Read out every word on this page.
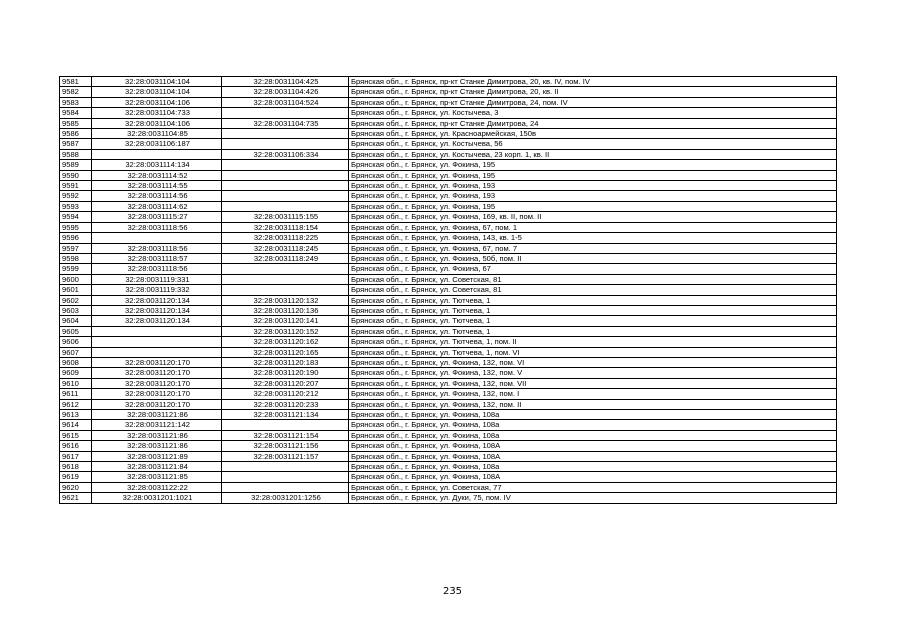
9581	32:28:0031104:104	32:28:0031104:425	Брянская обл., г. Брянск, пр-кт Станке Димитрова, 20, кв. IV, пом. IV
9582	32:28:0031104:104	32:28:0031104:426	Брянская обл., г. Брянск, пр-кт Станке Димитрова, 20, кв. II
9583	32:28:0031104:106	32:28:0031104:524	Брянская обл., г. Брянск, пр-кт Станке Димитрова, 24, пом. IV
9584	32:28:0031104:733		Брянская обл., г. Брянск, ул. Костычева, 3
9585	32:28:0031104:106	32:28:0031104:735	Брянская обл., г. Брянск, пр-кт Станке Димитрова, 24
9586	32:28:0031104:85		Брянская обл., г. Брянск, ул. Красноармейская, 150в
9587	32:28:0031106:187		Брянская обл., г. Брянск, ул. Костычева, 56
9588		32:28:0031106:334	Брянская обл., г. Брянск, ул. Костычева, 23 корп. 1, кв. II
9589	32:28:0031114:134		Брянская обл., г. Брянск, ул. Фокина, 195
9590	32:28:0031114:52		Брянская обл., г. Брянск, ул. Фокина, 195
9591	32:28:0031114:55		Брянская обл., г. Брянск, ул. Фокина, 193
9592	32:28:0031114:56		Брянская обл., г. Брянск, ул. Фокина, 193
9593	32:28:0031114:62		Брянская обл., г. Брянск, ул. Фокина, 195
9594	32:28:0031115:27	32:28:0031115:155	Брянская обл., г. Брянск, ул. Фокина, 169, кв. II, пом. II
9595	32:28:0031118:56	32:28:0031118:154	Брянская обл., г. Брянск, ул. Фокина, 67, пом. 1
9596		32:28:0031118:225	Брянская обл., г. Брянск, ул. Фокина, 143, кв. 1-5
9597	32:28:0031118:56	32:28:0031118:245	Брянская обл., г. Брянск, ул. Фокина, 67, пом. 7
9598	32:28:0031118:57	32:28:0031118:249	Брянская обл., г. Брянск, ул. Фокина, 50б, пом. II
9599	32:28:0031118:56		Брянская обл., г. Брянск, ул. Фокина, 67
9600	32:28:0031119:331		Брянская обл., г. Брянск, ул. Советская, 81
9601	32:28:0031119:332		Брянская обл., г. Брянск, ул. Советская, 81
9602	32:28:0031120:134	32:28:0031120:132	Брянская обл., г. Брянск, ул. Тютчева, 1
9603	32:28:0031120:134	32:28:0031120:136	Брянская обл., г. Брянск, ул. Тютчева, 1
9604	32:28:0031120:134	32:28:0031120:141	Брянская обл., г. Брянск, ул. Тютчева, 1
9605		32:28:0031120:152	Брянская обл., г. Брянск, ул. Тютчева, 1
9606		32:28:0031120:162	Брянская обл., г. Брянск, ул. Тютчева, 1, пом. II
9607		32:28:0031120:165	Брянская обл., г. Брянск, ул. Тютчева, 1, пом. VI
9608	32:28:0031120:170	32:28:0031120:183	Брянская обл., г. Брянск, ул. Фокина, 132, пом. VI
9609	32:28:0031120:170	32:28:0031120:190	Брянская обл., г. Брянск, ул. Фокина, 132, пом. V
9610	32:28:0031120:170	32:28:0031120:207	Брянская обл., г. Брянск, ул. Фокина, 132, пом. VII
9611	32:28:0031120:170	32:28:0031120:212	Брянская обл., г. Брянск, ул. Фокина, 132, пом. I
9612	32:28:0031120:170	32:28:0031120:233	Брянская обл., г. Брянск, ул. Фокина, 132, пом. II
9613	32:28:0031121:86	32:28:0031121:134	Брянская обл., г. Брянск, ул. Фокина, 108а
9614	32:28:0031121:142		Брянская обл., г. Брянск, ул. Фокина, 108а
9615	32:28:0031121:86	32:28:0031121:154	Брянская обл., г. Брянск, ул. Фокина, 108а
9616	32:28:0031121:86	32:28:0031121:156	Брянская обл., г. Брянск, ул. Фокина, 108А
9617	32:28:0031121:89	32:28:0031121:157	Брянская обл., г. Брянск, ул. Фокина, 108А
9618	32:28:0031121:84		Брянская обл., г. Брянск, ул. Фокина, 108а
9619	32:28:0031121:85		Брянская обл., г. Брянск, ул. Фокина, 108А
9620	32:28:0031122:22		Брянская обл., г. Брянск, ул. Советская, 77
9621	32:28:0031201:1021	32:28:0031201:1256	Брянская обл., г. Брянск, ул. Дуки, 75, пом. IV
235
